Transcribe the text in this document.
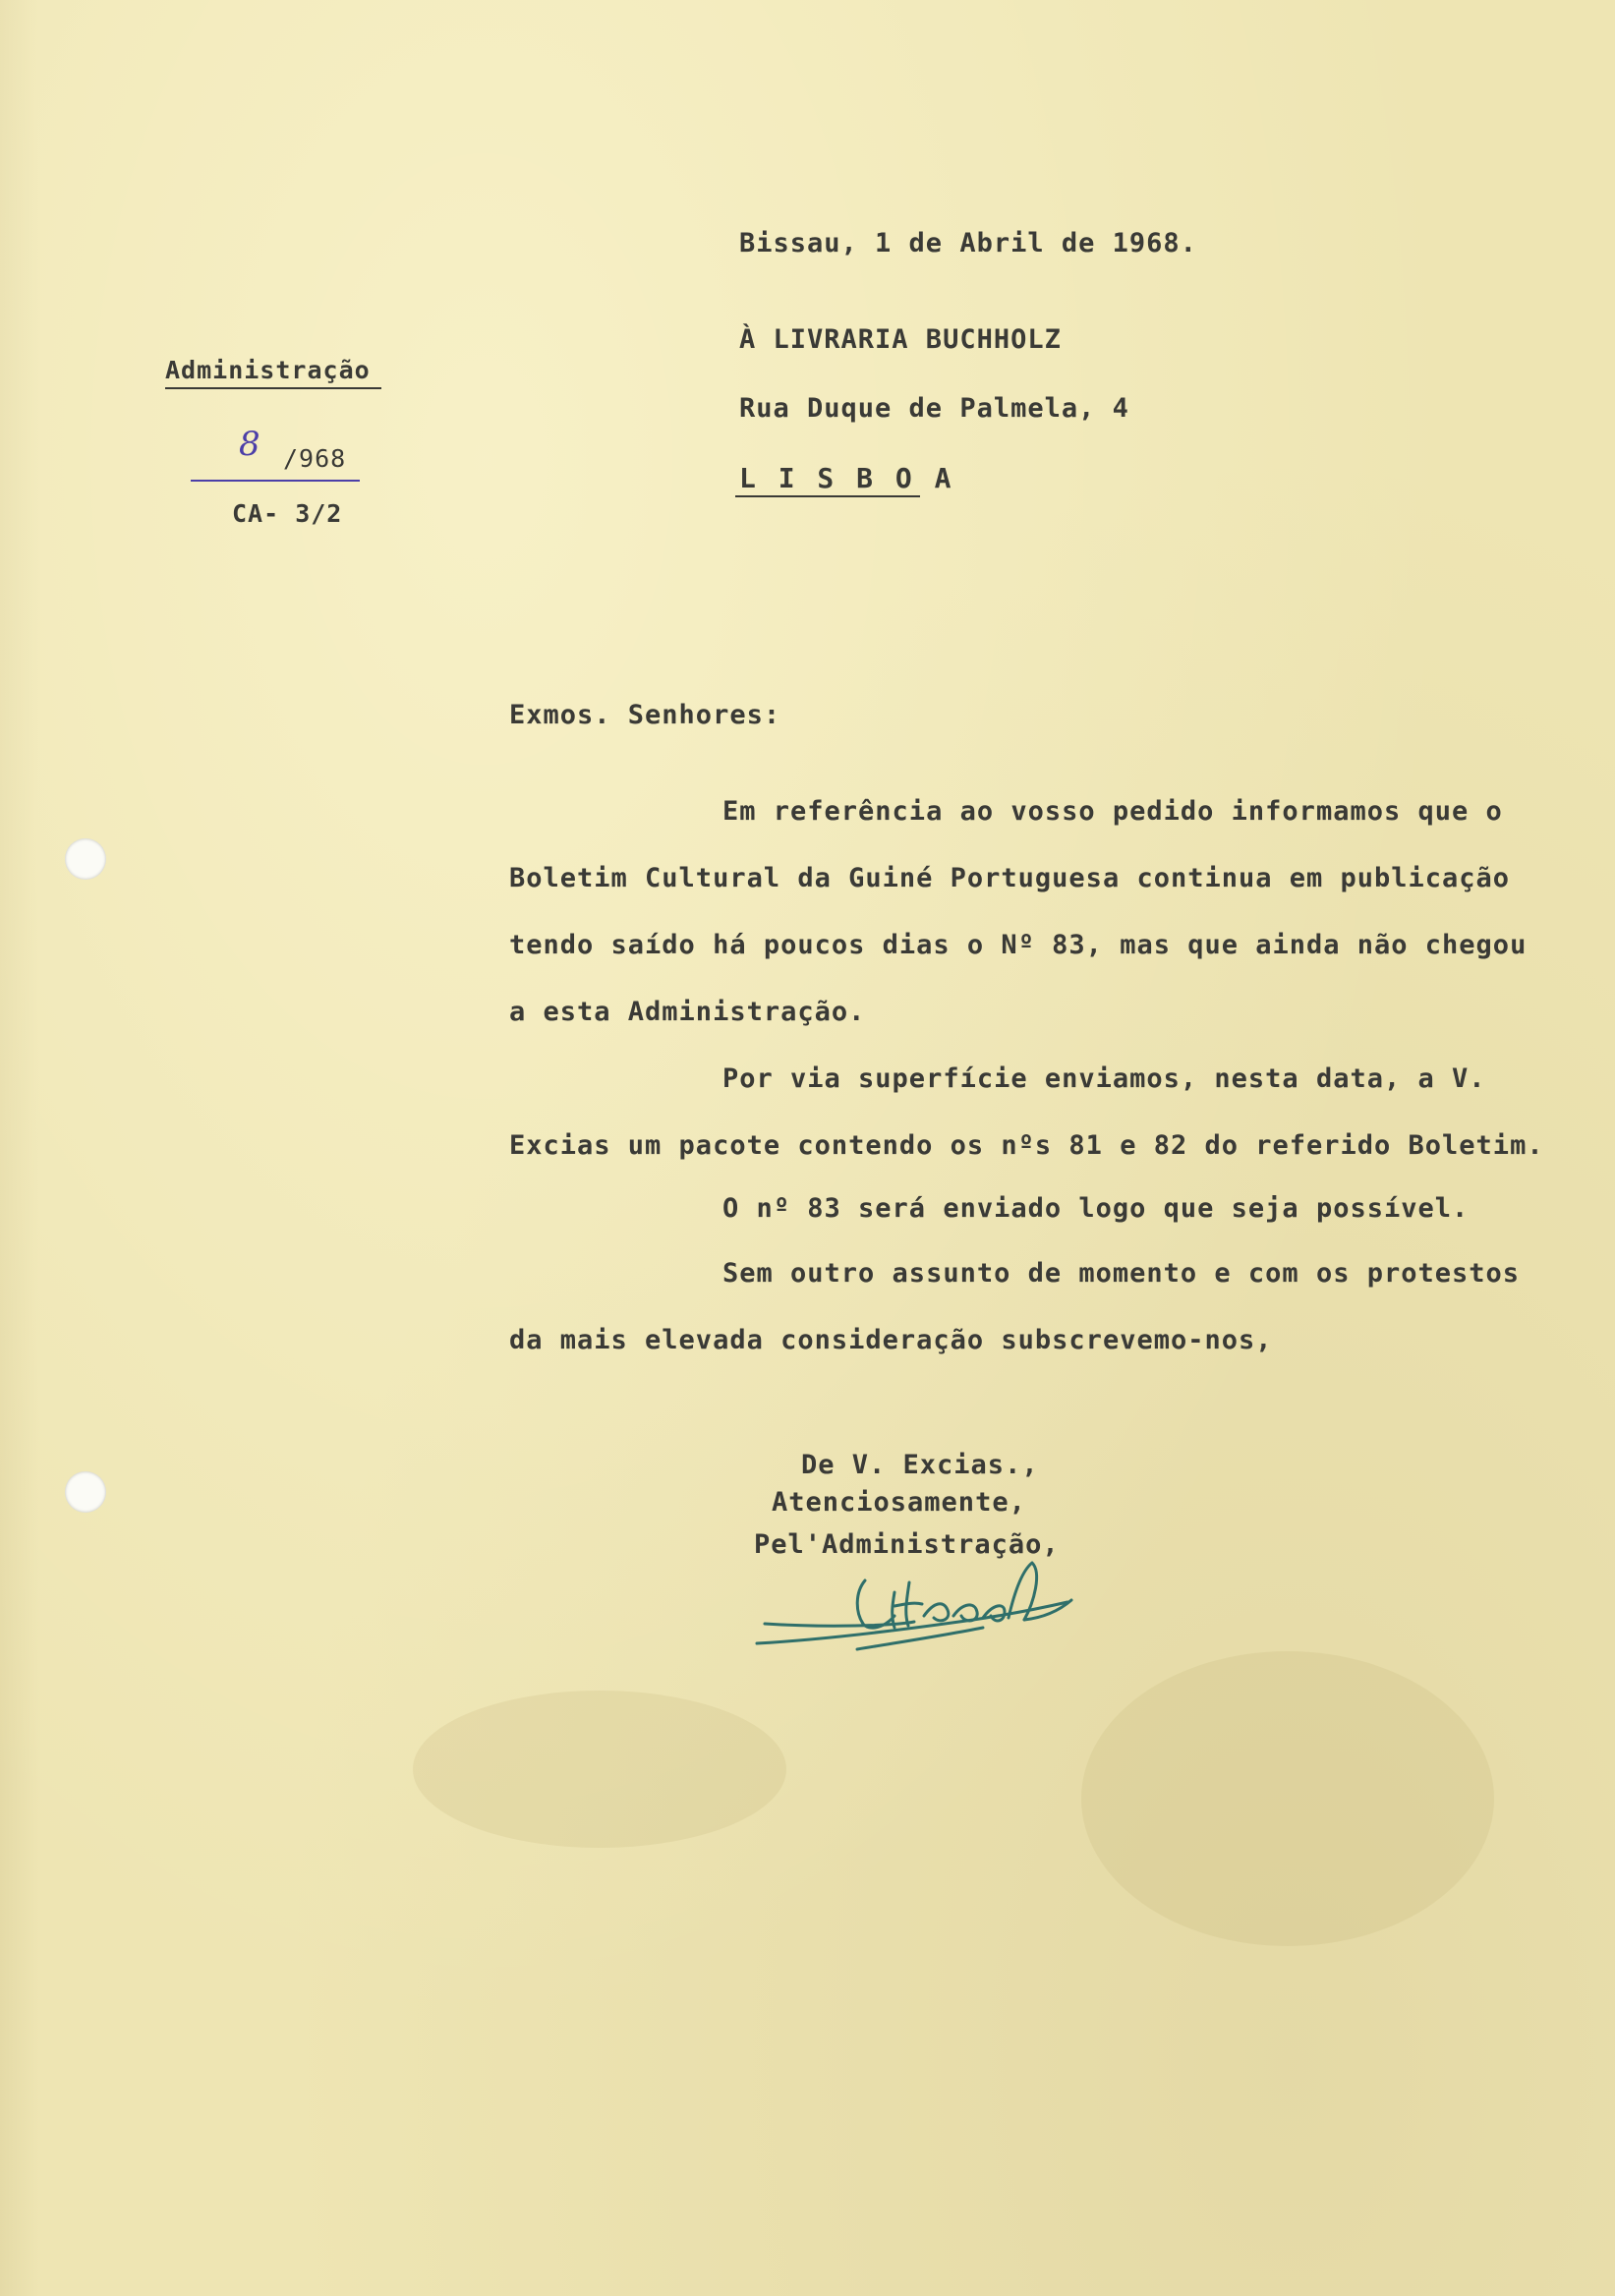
Bissau, 1 de Abril de 1968.
À LIVRARIA BUCHHOLZ
Rua Duque de Palmela, 4
L I S B O A
Administração
8 /968
CA- 3/2
Exmos. Senhores:
Em referência ao vosso pedido informamos que o
Boletim Cultural da Guiné Portuguesa continua em publicação
tendo saído há poucos dias o Nº 83, mas que ainda não chegou
a esta Administração.
Por via superfície enviamos, nesta data, a V.
Excias um pacote contendo os nºs 81 e 82 do referido Boletim.
O nº 83 será enviado logo que seja possível.
Sem outro assunto de momento e com os protestos
da mais elevada consideração subscrevemo-nos,
De V. Excias.,
Atenciosamente,
Pel'Administração,
